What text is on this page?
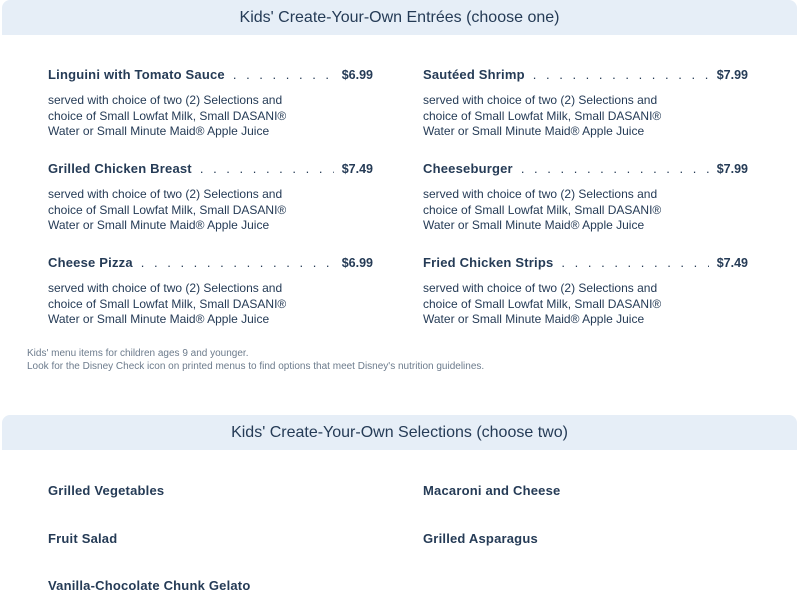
Kids' Create-Your-Own Entrées (choose one)
Linguini with Tomato Sauce . . .	$6.99
served with choice of two (2) Selections and choice of Small Lowfat Milk, Small DASANI® Water or Small Minute Maid® Apple Juice
Sautéed Shrimp . . .	$7.99
served with choice of two (2) Selections and choice of Small Lowfat Milk, Small DASANI® Water or Small Minute Maid® Apple Juice
Grilled Chicken Breast . . .	$7.49
served with choice of two (2) Selections and choice of Small Lowfat Milk, Small DASANI® Water or Small Minute Maid® Apple Juice
Cheeseburger . . .	$7.99
served with choice of two (2) Selections and choice of Small Lowfat Milk, Small DASANI® Water or Small Minute Maid® Apple Juice
Cheese Pizza . . .	$6.99
served with choice of two (2) Selections and choice of Small Lowfat Milk, Small DASANI® Water or Small Minute Maid® Apple Juice
Fried Chicken Strips . . .	$7.49
served with choice of two (2) Selections and choice of Small Lowfat Milk, Small DASANI® Water or Small Minute Maid® Apple Juice
Kids' menu items for children ages 9 and younger.
Look for the Disney Check icon on printed menus to find options that meet Disney's nutrition guidelines.
Kids' Create-Your-Own Selections (choose two)
Grilled Vegetables	Macaroni and Cheese
Fruit Salad	Grilled Asparagus
Vanilla-Chocolate Chunk Gelato
